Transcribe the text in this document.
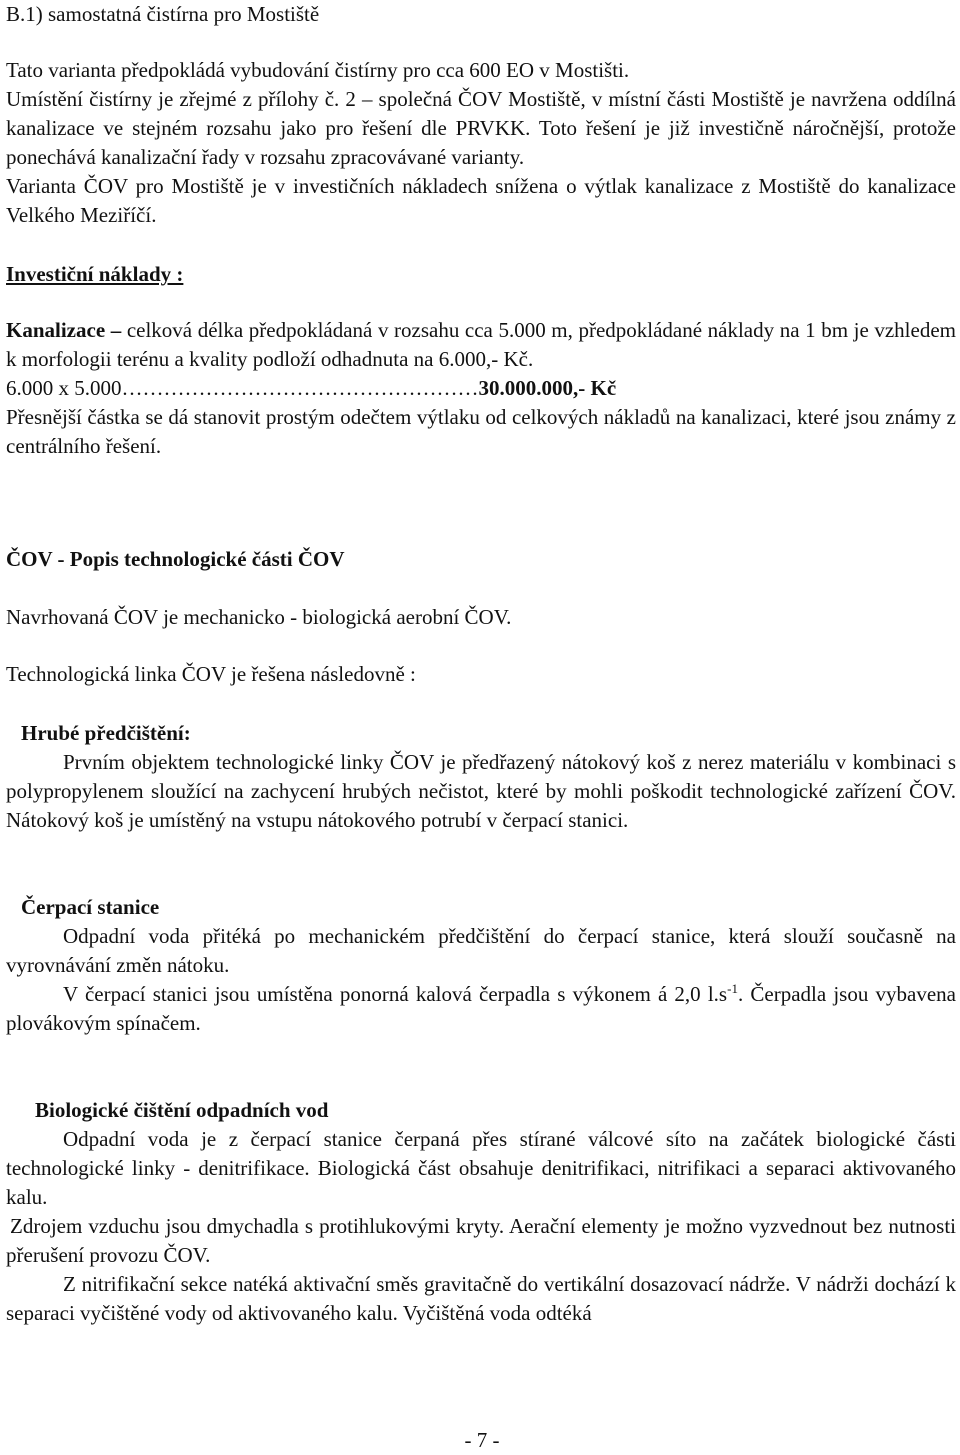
B.1) samostatná čistírna pro Mostiště

Tato varianta předpokládá vybudování čistírny pro cca 600 EO v Mostišti.

Umístění čistírny je zřejmé z přílohy č. 2 – společná ČOV Mostiště, v místní části Mostiště je navržena oddílná kanalizace ve stejném rozsahu jako pro řešení dle PRVKK. Toto řešení je již investičně náročnější, protože ponechává kanalizační řady v rozsahu zpracovávané varianty.

Varianta ČOV pro Mostiště je v investičních nákladech snížena o výtlak kanalizace z Mostiště do kanalizace Velkého Meziříčí.

Investiční náklady :

Kanalizace – celková délka předpokládaná v rozsahu cca 5.000 m, předpokládané náklady na 1 bm je vzhledem k morfologii terénu a kvality podloží odhadnuta na 6.000,- Kč.

6.000 x 5.000……………………………………………30.000.000,- Kč

Přesnější částka se dá stanovit prostým odečtem výtlaku od celkových nákladů na kanalizaci, které jsou známy z centrálního řešení.

ČOV - Popis technologické části ČOV

Navrhovaná ČOV je mechanicko - biologická aerobní ČOV.

Technologická linka ČOV je řešena následovně :

Hrubé předčištění:

Prvním objektem technologické linky ČOV je předřazený nátokový koš z nerez materiálu v kombinaci s polypropylenem sloužící na zachycení hrubých nečistot, které by mohli poškodit technologické zařízení ČOV. Nátokový koš je umístěný na vstupu nátokového potrubí v čerpací stanici.

Čerpací stanice

Odpadní voda přitéká po mechanickém předčištění do čerpací stanice, která slouží současně na vyrovnávání změn nátoku.

V čerpací stanici jsou umístěna ponorná kalová čerpadla s výkonem á 2,0 $l.s^{-1}$. Čerpadla jsou vybavena plovákovým spínačem.

Biologické čištění odpadních vod

Odpadní voda je z čerpací stanice čerpaná přes stírané válcové síto na začátek biologické části technologické linky - denitrifikace. Biologická část obsahuje denitrifikaci, nitrifikaci a separaci aktivovaného kalu.

Zdrojem vzduchu jsou dmychadla s protihlukovými kryty. Aerační elementy je možno vyzvednout bez nutnosti přerušení provozu ČOV.

Z nitrifikační sekce natéká aktivační směs gravitačně do vertikální dosazovací nádrže. V nádrži dochází k separaci vyčištěné vody od aktivovaného kalu. Vyčištěná voda odtéká

- 7 -
